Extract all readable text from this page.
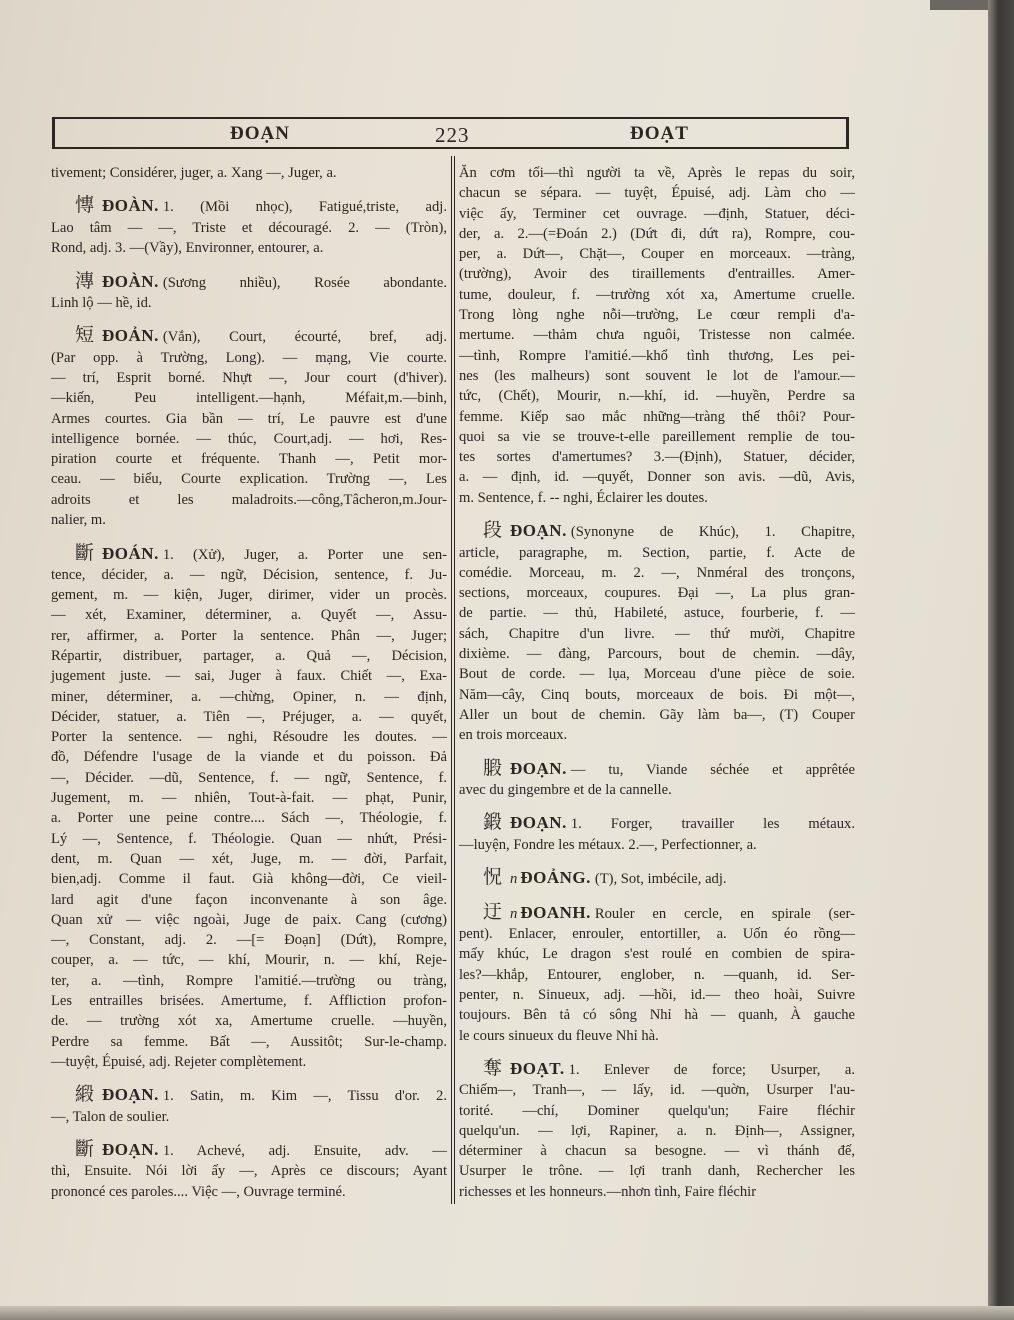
ĐOẠN	223	ĐOẠT
tivement; Considérer, juger, a. Xang —, Juger, a.
慱 ĐOÀN. 1. (Mồi nhọc), Fatigué,triste, adj.
Lao tâm — —, Triste et découragé. 2. — (Tròn),
Rond, adj. 3. —(Vầy), Environner, entourer, a.
漙 ĐOÀN. (Sương nhiều), Rosée abondante.
Linh lộ — hề, id.
短 ĐOẢN. (Vắn), Court, écourté, bref, adj.
(Par opp. à Trường, Long). — mạng, Vie courte.
— trí, Esprit borné. Nhựt —, Jour court (d'hiver).
—kiến, Peu intelligent.—hạnh, Méfait,m.—binh,
Armes courtes. Gia bần — trí, Le pauvre est d'une
intelligence bornée. — thúc, Court,adj. — hơi, Res-
piration courte et fréquente. Thanh —, Petit mor-
ceau. — biểu, Courte explication. Trường —, Les
adroits et les maladroits.—công,Tâcheron,m.Jour-
nalier, m.
斷 ĐOÁN. 1. (Xử), Juger, a. Porter une sen-
tence, décider, a. — ngữ, Décision, sentence, f. Ju-
gement, m. — kiện, Juger, dirimer, vider un procès.
— xét, Examiner, déterminer, a. Quyết —, Assu-
rer, affirmer, a. Porter la sentence. Phân —, Juger;
Répartir, distribuer, partager, a. Quả —, Décision,
jugement juste. — sai, Juger à faux. Chiết —, Exa-
miner, déterminer, a. —chừng, Opiner, n. — định,
Décider, statuer, a. Tiên —, Préjuger, a. — quyết,
Porter la sentence. — nghi, Résoudre les doutes. —
đồ, Défendre l'usage de la viande et du poisson. Đả
—, Décider. —dũ, Sentence, f. — ngữ, Sentence, f.
Jugement, m. — nhiên, Tout-à-fait. — phạt, Punir,
a. Porter une peine contre.... Sách —, Théologie, f.
Lý —, Sentence, f. Théologie. Quan — nhứt, Prési-
dent, m. Quan — xét, Juge, m. — đời, Parfait,
bien,adj. Comme il faut. Già không—đời, Ce vieil-
lard agit d'une façon inconvenante à son âge.
Quan xử — việc ngoài, Juge de paix. Cang (cương)
—, Constant, adj. 2. —[= Đoạn] (Dứt), Rompre,
couper, a. — tức, — khí, Mourir, n. — khí, Reje-
ter, a. —tình, Rompre l'amitié.—trường ou tràng,
Les entrailles brisées. Amertume, f. Affliction profon-
de. — trường xót xa, Amertume cruelle. —huyền,
Perdre sa femme. Bất —, Aussitôt; Sur-le-champ.
—tuyệt, Épuisé, adj. Rejeter complètement.
緞 ĐOẠN. 1. Satin, m. Kim —, Tissu d'or. 2.
—, Talon de soulier.
斷 ĐOẠN. 1. Achevé, adj. Ensuite, adv. —
thì, Ensuite. Nói lời ấy —, Après ce discours; Ayant
prononcé ces paroles.... Việc —, Ouvrage terminé.
Ăn cơm tối—thì người ta về, Après le repas du soir,
chacun se sépara. — tuyệt, Épuisé, adj. Làm cho —
việc ấy, Terminer cet ouvrage. —định, Statuer, déci-
der, a. 2.—(=Đoán 2.) (Dứt đi, dứt ra), Rompre, cou-
per, a. Dứt—, Chặt—, Couper en morceaux. —tràng,
(trường), Avoir des tiraillements d'entrailles. Amer-
tume, douleur, f. —trường xót xa, Amertume cruelle.
Trong lòng nghe nỗi—trường, Le cœur rempli d'a-
mertume. —thảm chưa nguôi, Tristesse non calmée.
—tình, Rompre l'amitié.—khổ tình thương, Les pei-
nes (les malheurs) sont souvent le lot de l'amour.—
tức, (Chết), Mourir, n.—khí, id. —huyền, Perdre sa
femme. Kiếp sao mắc những—tràng thế thôi? Pour-
quoi sa vie se trouve-t-elle pareillement remplie de tou-
tes sortes d'amertumes? 3.—(Định), Statuer, décider,
a. — định, id. —quyết, Donner son avis. —dũ, Avis,
m. Sentence, f. -- nghi, Éclairer les doutes.
段 ĐOẠN. (Synonyne de Khúc), 1. Chapitre,
article, paragraphe, m. Section, partie, f. Acte de
comédie. Morceau, m. 2. —, Nnméral des tronçons,
sections, morceaux, coupures. Đại —, La plus gran-
de partie. — thủ, Habileté, astuce, fourberie, f. —
sách, Chapitre d'un livre. — thứ mười, Chapitre
dixième. — đàng, Parcours, bout de chemin. —dây,
Bout de corde. — lụa, Morceau d'une pièce de soie.
Năm—cây, Cinq bouts, morceaux de bois. Đi một—,
Aller un bout de chemin. Gãy làm ba—, (T) Couper
en trois morceaux.
腶 ĐOẠN. — tu, Viande séchée et apprêtée
avec du gingembre et de la cannelle.
鍛 ĐOẠN. 1. Forger, travailler les métaux.
—luyện, Fondre les métaux. 2.—, Perfectionner, a.
怳 n ĐOẢNG. (T), Sot, imbécile, adj.
迂 n ĐOANH. Rouler en cercle, en spirale (ser-
pent). Enlacer, enrouler, entortiller, a. Uốn éo rồng—
mấy khúc, Le dragon s'est roulé en combien de spira-
les?—khắp, Entourer, englober, n. —quanh, id. Ser-
penter, n. Sinueux, adj. —hồi, id.— theo hoài, Suivre
toujours. Bên tả có sông Nhỉ hà — quanh, À gauche
le cours sinueux du fleuve Nhỉ hà.
奪 ĐOẠT. 1. Enlever de force; Usurper, a.
Chiếm—, Tranh—, — lấy, id. —quờn, Usurper l'au-
torité. —chí, Dominer quelqu'un; Faire fléchir
quelqu'un. — lợi, Rapiner, a. n. Định—, Assigner,
déterminer à chacun sa besogne. — vì thánh đế,
Usurper le trône. — lợi tranh danh, Rechercher les
richesses et les honneurs.—nhơn tình, Faire fléchir
